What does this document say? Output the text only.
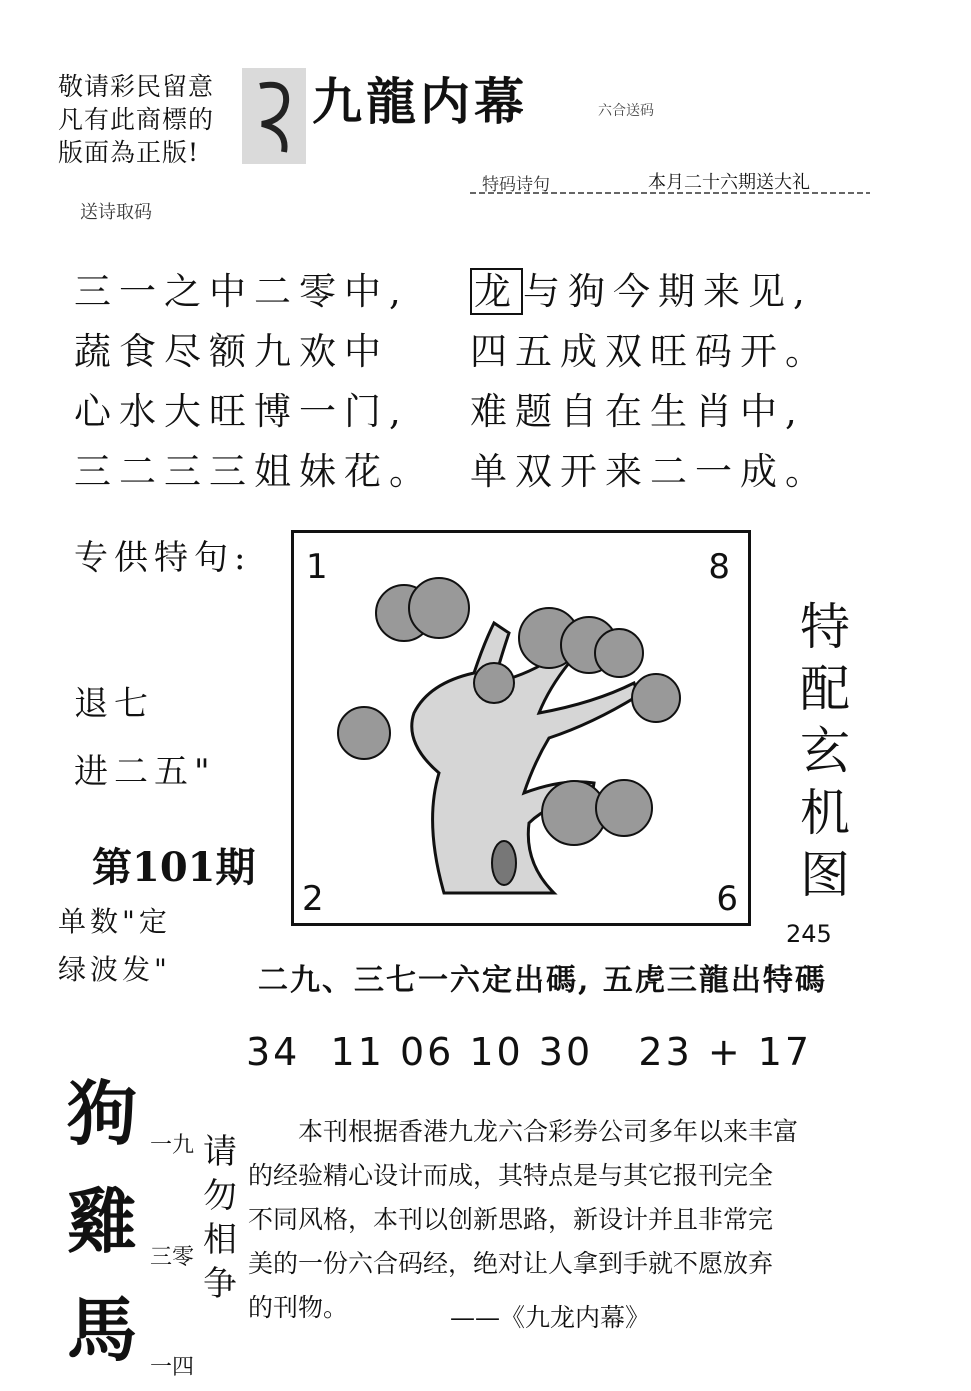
敬请彩民留意
凡有此商標的
版面為正版!
送诗取码
九龍内幕	六合送码
特码诗句	本月二十六期送大礼
三一之中二零中,
蔬食尽额九欢中
心水大旺博一门,
三二三三姐妹花。
龙 与狗今期来见,
四五成双旺码开。
难题自在生肖中,
单双开来二一成。
专供特句:
退七
进二五"
1	8
2	6
特
配
玄
机
图
245
第101期
单数"定
绿波发"	二九、三七一六定出碼, 五虎三龍出特碼
34  11 06 10 30   23 + 17
狗
雞
馬
一九
三零
一四
请
勿
相
争

本刊根据香港九龙六合彩券公司多年以来丰富

的经验精心设计而成，其特点是与其它报刊完全

不同风格，本刊以创新思路，新设计并且非常完

美的一份六合码经，绝对让人拿到手就不愿放弃

的刊物。	——《九龙内幕》
